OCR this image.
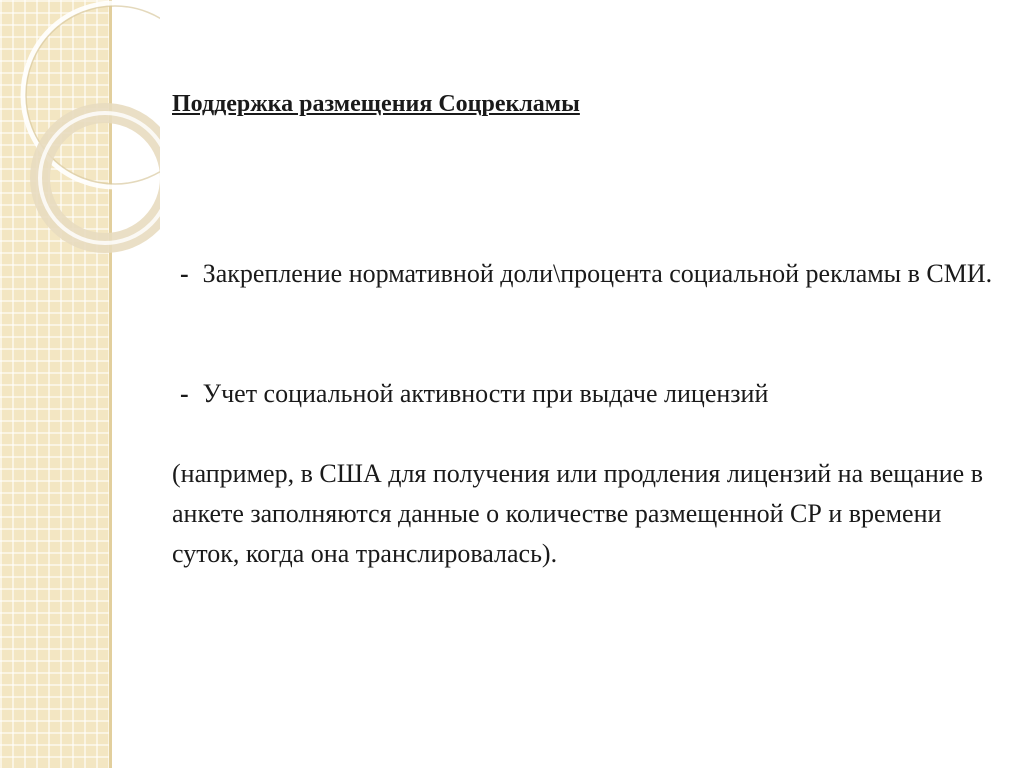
Поддержка размещения Соцрекламы
- Закрепление нормативной доли\процента социальной рекламы в СМИ.
- Учет социальной активности при выдаче лицензий
(например, в США для получения или продления лицензий на вещание в анкете заполняются данные о количестве размещенной СР и времени суток, когда она транслировалась).
